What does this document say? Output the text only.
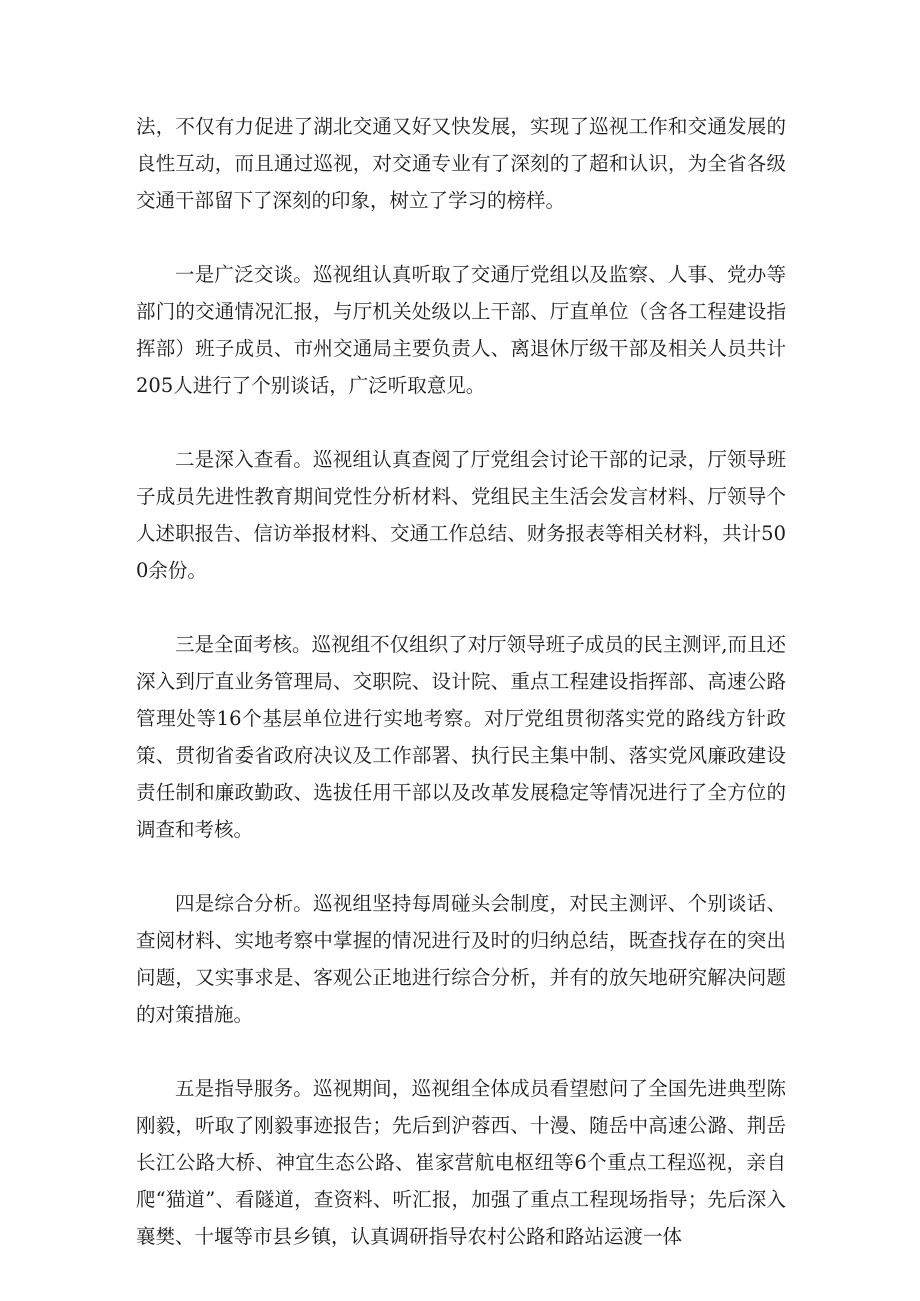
法，不仅有力促进了湖北交通又好又快发展，实现了巡视工作和交通发展的良性互动，而且通过巡视，对交通专业有了深刻的了超和认识，为全省各级交通干部留下了深刻的印象，树立了学习的榜样。

一是广泛交谈。巡视组认真听取了交通厅党组以及监察、人事、党办等部门的交通情况汇报，与厅机关处级以上干部、厅直单位（含各工程建设指挥部）班子成员、市州交通局主要负责人、离退休厅级干部及相关人员共计205人进行了个别谈话，广泛听取意见。

二是深入查看。巡视组认真查阅了厅党组会讨论干部的记录，厅领导班子成员先进性教育期间党性分析材料、党组民主生活会发言材料、厅领导个人述职报告、信访举报材料、交通工作总结、财务报表等相关材料，共计500余份。

三是全面考核。巡视组不仅组织了对厅领导班子成员的民主测评,而且还深入到厅直业务管理局、交职院、设计院、重点工程建设指挥部、高速公路管理处等16个基层单位进行实地考察。对厅党组贯彻落实党的路线方针政策、贯彻省委省政府决议及工作部署、执行民主集中制、落实党风廉政建设责任制和廉政勤政、选拔任用干部以及改革发展稳定等情况进行了全方位的调查和考核。

四是综合分析。巡视组坚持每周碰头会制度，对民主测评、个别谈话、查阅材料、实地考察中掌握的情况进行及时的归纳总结，既查找存在的突出问题，又实事求是、客观公正地进行综合分析，并有的放矢地研究解决问题的对策措施。

五是指导服务。巡视期间，巡视组全体成员看望慰问了全国先进典型陈刚毅，听取了刚毅事迹报告；先后到沪蓉西、十漫、随岳中高速公潞、荆岳长江公路大桥、神宜生态公路、崔家营航电枢纽等6个重点工程巡视，亲自爬“猫道”、看隧道，查资料、听汇报，加强了重点工程现场指导；先后深入襄樊、十堰等市县乡镇，认真调研指导农村公路和路站运渡一体
